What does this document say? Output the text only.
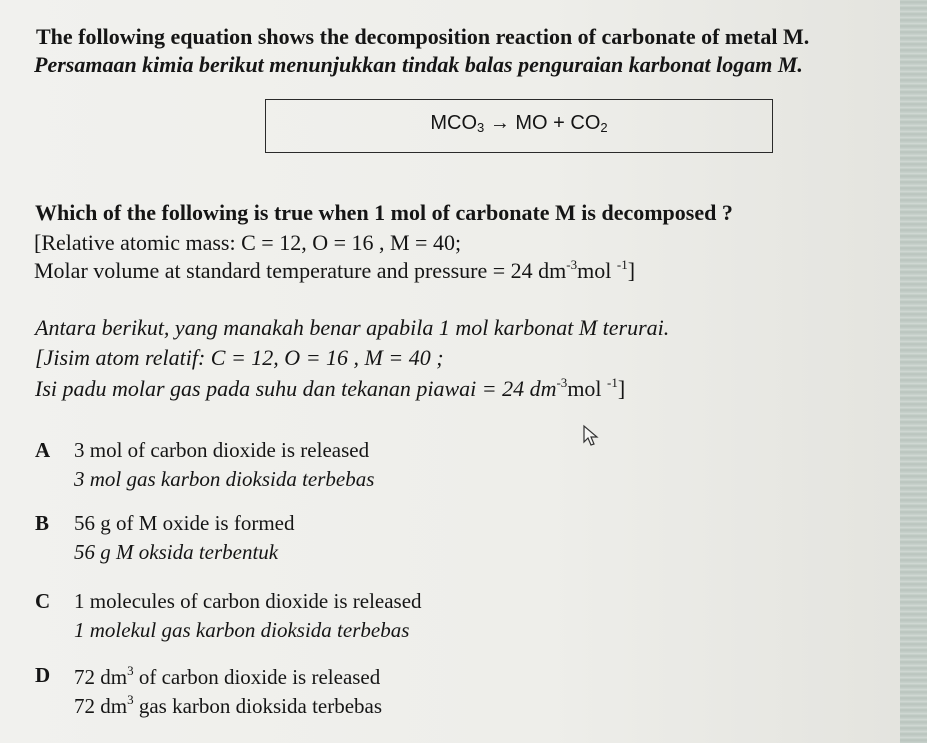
The following equation shows the decomposition reaction of carbonate of metal M.
Persamaan kimia berikut menunjukkan tindak balas penguraian karbonat logam M.
$MCO_3$ → MO + $CO_2$
Which of the following is true when 1 mol of carbonate M is decomposed ?
[Relative atomic mass: C = 12, O = 16 , M = 40;
Molar volume at standard temperature and pressure = 24 $dm^{-3}mol$ $^{-1}$]
Antara berikut, yang manakah benar apabila 1 mol karbonat M terurai.
[Jisim atom relatif: C = 12, O = 16 , M = 40 ;
Isi padu molar gas pada suhu dan tekanan piawai = 24 $dm^{-3}mol$ $^{-1}$]
A 3 mol of carbon dioxide is released
3 mol gas karbon dioksida terbebas
B 56 g of M oxide is formed
56 g M oksida terbentuk
C 1 molecules of carbon dioxide is released
1 molekul gas karbon dioksida terbebas
D 72 $dm^3$ of carbon dioxide is released
72 $dm^3$ gas karbon dioksida terbebas
